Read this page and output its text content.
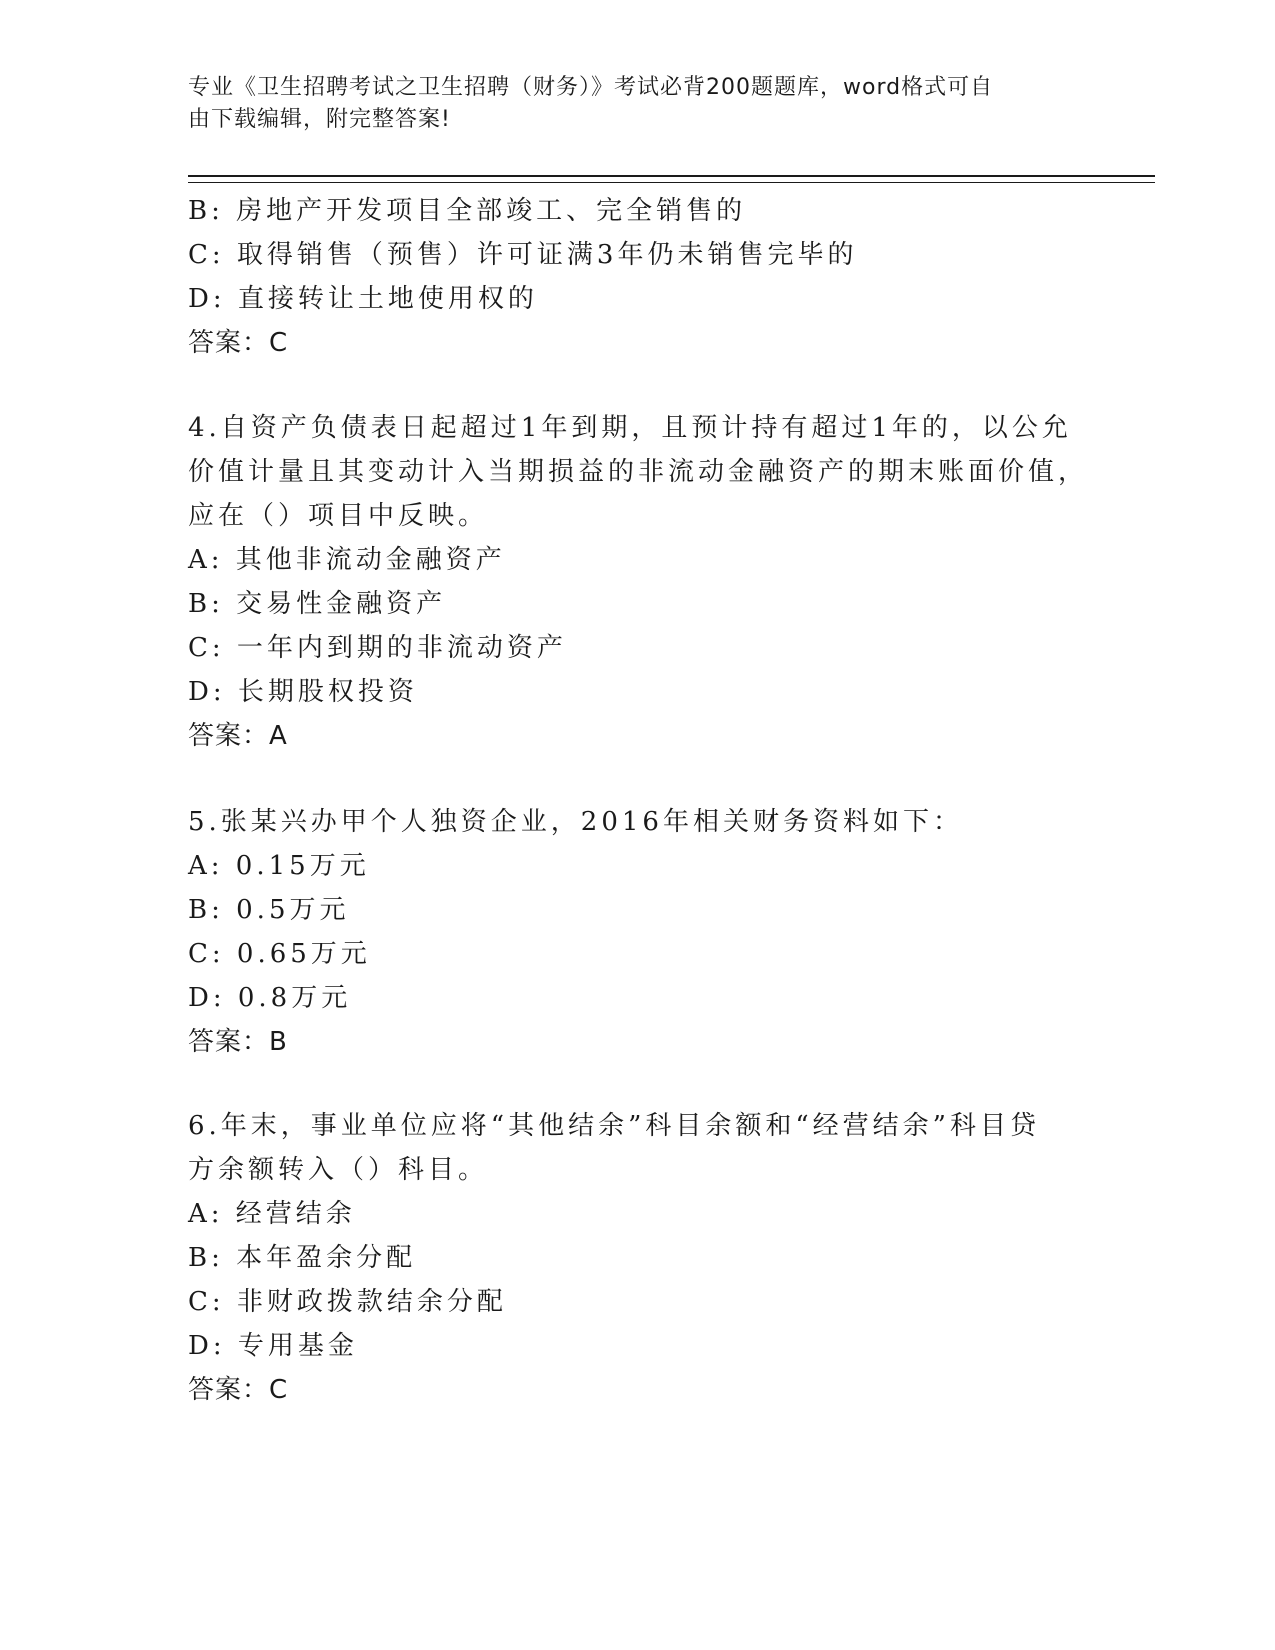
专业《卫生招聘考试之卫生招聘（财务）》考试必背200题题库，word格式可自
由下载编辑，附完整答案!
B: 房地产开发项目全部竣工、完全销售的
C: 取得销售（预售）许可证满3年仍未销售完毕的
D: 直接转让土地使用权的
答案：C
4.自资产负债表日起超过1年到期，且预计持有超过1年的，以公允
价值计量且其变动计入当期损益的非流动金融资产的期末账面价值，
应在（）项目中反映。
A: 其他非流动金融资产
B: 交易性金融资产
C: 一年内到期的非流动资产
D: 长期股权投资
答案：A
5.张某兴办甲个人独资企业，2016年相关财务资料如下：
A: 0.15万元
B: 0.5万元
C: 0.65万元
D: 0.8万元
答案：B
6.年末，事业单位应将“其他结余”科目余额和“经营结余”科目贷
方余额转入（）科目。
A: 经营结余
B: 本年盈余分配
C: 非财政拨款结余分配
D: 专用基金
答案：C
